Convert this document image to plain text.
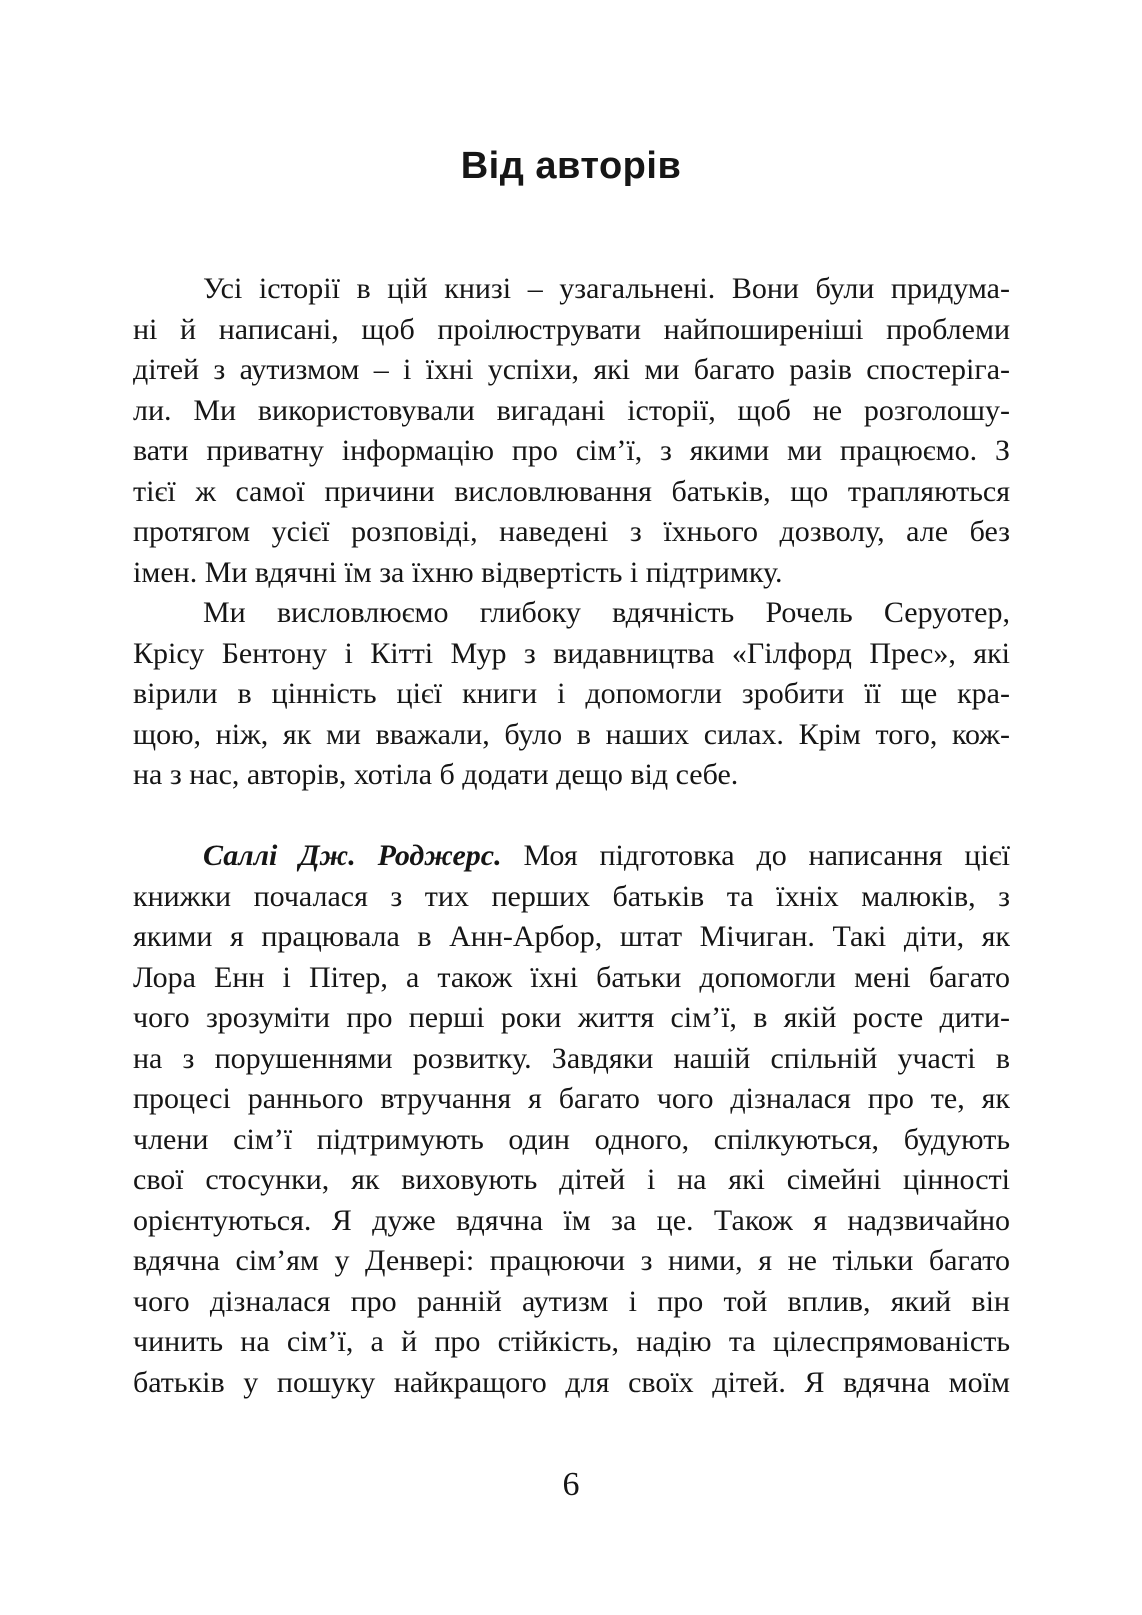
Від авторів
Усі історії в цій книзі – узагальнені. Вони були придума-
ні й написані, щоб проілюструвати найпоширеніші проблеми
дітей з аутизмом – і їхні успіхи, які ми багато разів спостеріга-
ли. Ми використовували вигадані історії, щоб не розголошу-
вати приватну інформацію про сім’ї, з якими ми працюємо. З
тієї ж самої причини висловлювання батьків, що трапляються
протягом усієї розповіді, наведені з їхнього дозволу, але без
імен. Ми вдячні їм за їхню відвертість і підтримку.
Ми висловлюємо глибоку вдячність Рочель Серуотер,
Крісу Бентону і Кітті Мур з видавництва «Гілфорд Прес», які
вірили в цінність цієї книги і допомогли зробити її ще кра-
щою, ніж, як ми вважали, було в наших силах. Крім того, кож-
на з нас, авторів, хотіла б додати дещо від себе.
Саллі Дж. Роджерс. Моя підготовка до написання цієї
книжки почалася з тих перших батьків та їхніх малюків, з
якими я працювала в Анн-Арбор, штат Мічиган. Такі діти, як
Лора Енн і Пітер, а також їхні батьки допомогли мені багато
чого зрозуміти про перші роки життя сім’ї, в якій росте дити-
на з порушеннями розвитку. Завдяки нашій спільній участі в
процесі раннього втручання я багато чого дізналася про те, як
члени сім’ї підтримують один одного, спілкуються, будують
свої стосунки, як виховують дітей і на які сімейні цінності
орієнтуються. Я дуже вдячна їм за це. Також я надзвичайно
вдячна сім’ям у Денвері: працюючи з ними, я не тільки багато
чого дізналася про ранній аутизм і про той вплив, який він
чинить на сім’ї, а й про стійкість, надію та цілеспрямованість
батьків у пошуку найкращого для своїх дітей. Я вдячна моїм
6
